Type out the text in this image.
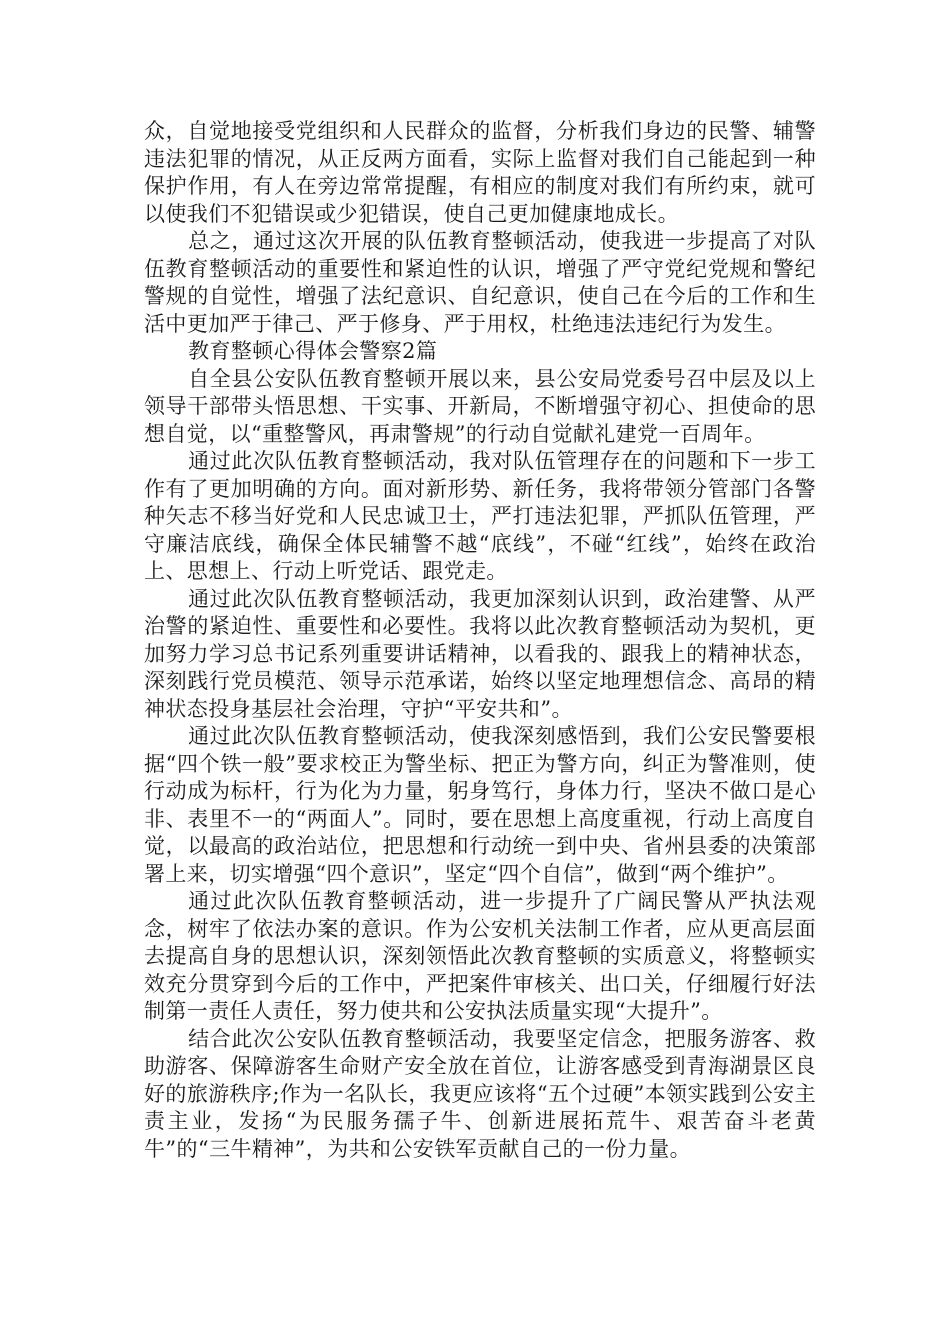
众，自觉地接受党组织和人民群众的监督，分析我们身边的民警、辅警违法犯罪的情况，从正反两方面看，实际上监督对我们自己能起到一种保护作用，有人在旁边常常提醒，有相应的制度对我们有所约束，就可以使我们不犯错误或少犯错误，使自己更加健康地成长。

总之，通过这次开展的队伍教育整顿活动，使我进一步提高了对队伍教育整顿活动的重要性和紧迫性的认识，增强了严守党纪党规和警纪警规的自觉性，增强了法纪意识、自纪意识，使自己在今后的工作和生活中更加严于律己、严于修身、严于用权，杜绝违法违纪行为发生。

教育整顿心得体会警察2篇

自全县公安队伍教育整顿开展以来，县公安局党委号召中层及以上领导干部带头悟思想、干实事、开新局，不断增强守初心、担使命的思想自觉，以“重整警风，再肃警规”的行动自觉献礼建党一百周年。

通过此次队伍教育整顿活动，我对队伍管理存在的问题和下一步工作有了更加明确的方向。面对新形势、新任务，我将带领分管部门各警种矢志不移当好党和人民忠诚卫士，严打违法犯罪，严抓队伍管理，严守廉洁底线，确保全体民辅警不越“底线”，不碰“红线”，始终在政治上、思想上、行动上听党话、跟党走。

通过此次队伍教育整顿活动，我更加深刻认识到，政治建警、从严治警的紧迫性、重要性和必要性。我将以此次教育整顿活动为契机，更加努力学习总书记系列重要讲话精神，以看我的、跟我上的精神状态，深刻践行党员模范、领导示范承诺，始终以坚定地理想信念、高昂的精神状态投身基层社会治理，守护“平安共和”。

通过此次队伍教育整顿活动，使我深刻感悟到，我们公安民警要根据“四个铁一般”要求校正为警坐标、把正为警方向，纠正为警准则，使行动成为标杆，行为化为力量，躬身笃行，身体力行，坚决不做口是心非、表里不一的“两面人”。同时，要在思想上高度重视，行动上高度自觉，以最高的政治站位，把思想和行动统一到中央、省州县委的决策部署上来，切实增强“四个意识”，坚定“四个自信”，做到“两个维护”。

通过此次队伍教育整顿活动，进一步提升了广阔民警从严执法观念，树牢了依法办案的意识。作为公安机关法制工作者，应从更高层面去提高自身的思想认识，深刻领悟此次教育整顿的实质意义，将整顿实效充分贯穿到今后的工作中，严把案件审核关、出口关，仔细履行好法制第一责任人责任，努力使共和公安执法质量实现“大提升”。

结合此次公安队伍教育整顿活动，我要坚定信念，把服务游客、救助游客、保障游客生命财产安全放在首位，让游客感受到青海湖景区良好的旅游秩序;作为一名队长，我更应该将“五个过硬”本领实践到公安主责主业，发扬“为民服务孺子牛、创新进展拓荒牛、艰苦奋斗老黄牛”的“三牛精神”，为共和公安铁军贡献自己的一份力量。
